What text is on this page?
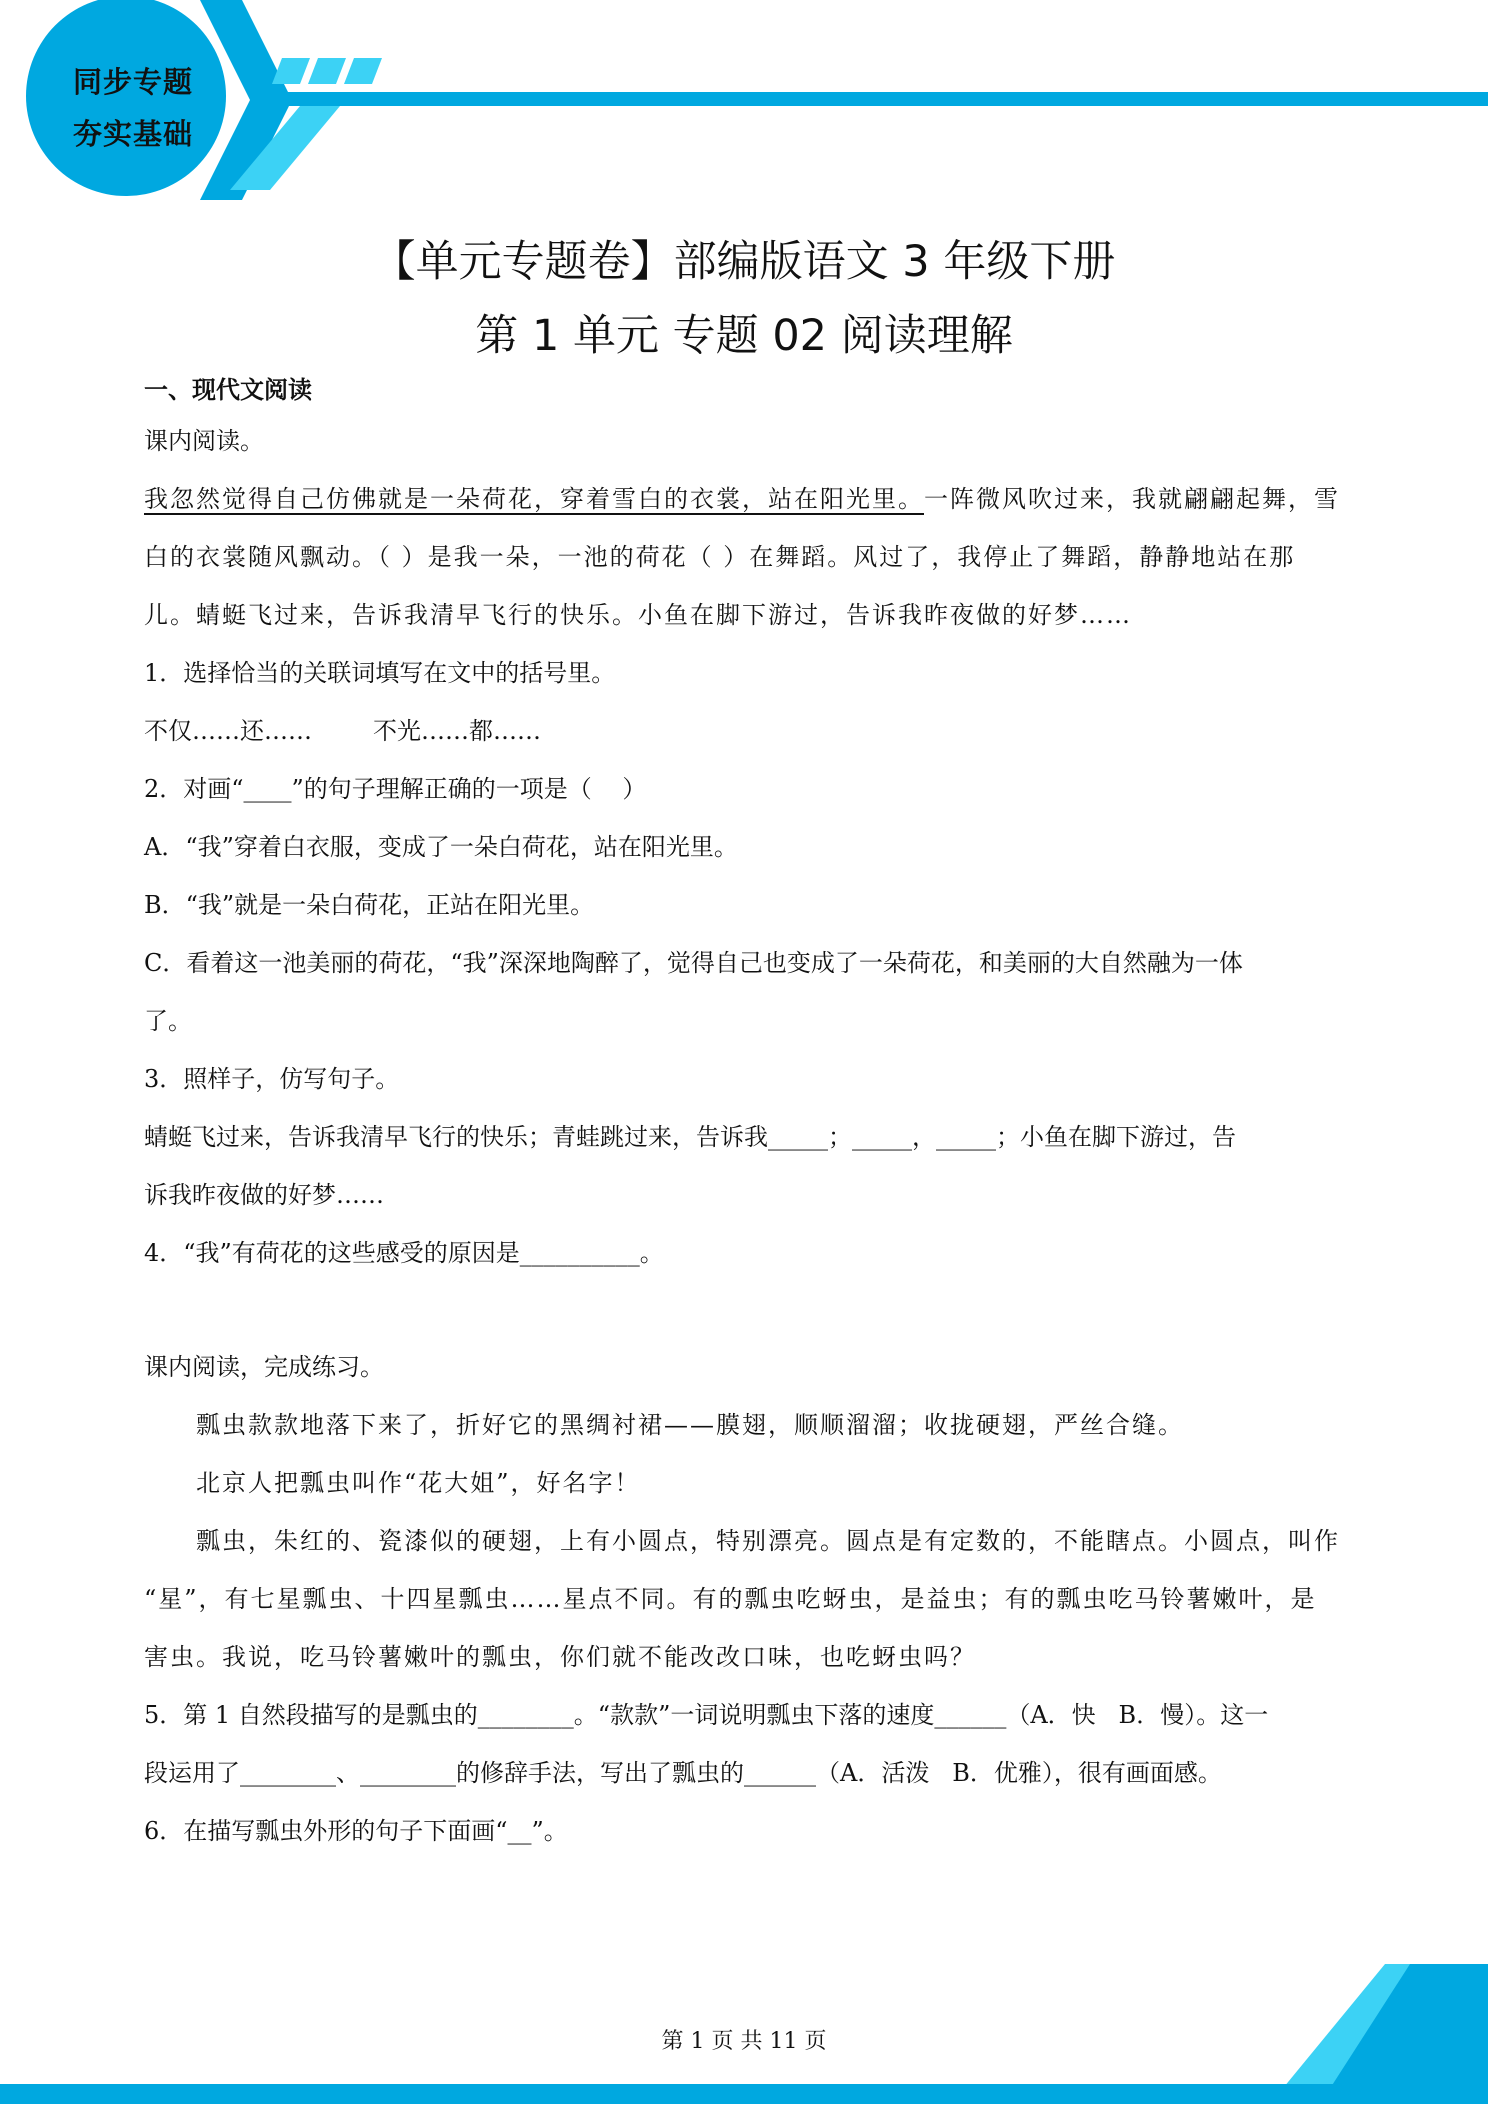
同步专题
夯实基础
【单元专题卷】部编版语文 3 年级下册
第 1 单元 专题 02 阅读理解
一、现代文阅读
课内阅读。
我忽然觉得自己仿佛就是一朵荷花，穿着雪白的衣裳，站在阳光里。一阵微风吹过来，我就翩翩起舞，雪
白的衣裳随风飘动。（ ）是我一朵，一池的荷花（ ）在舞蹈。风过了，我停止了舞蹈，静静地站在那
儿。蜻蜓飞过来，告诉我清早飞行的快乐。小鱼在脚下游过，告诉我昨夜做的好梦……
1．选择恰当的关联词填写在文中的括号里。
不仅……还……        不光……都……
2．对画“____”的句子理解正确的一项是（    ）
A．“我”穿着白衣服，变成了一朵白荷花，站在阳光里。
B．“我”就是一朵白荷花，正站在阳光里。
C．看着这一池美丽的荷花，“我”深深地陶醉了，觉得自己也变成了一朵荷花，和美丽的大自然融为一体
了。
3．照样子，仿写句子。
蜻蜓飞过来，告诉我清早飞行的快乐；青蛙跳过来，告诉我_____；_____，_____；小鱼在脚下游过，告
诉我昨夜做的好梦……
4．“我”有荷花的这些感受的原因是__________。
课内阅读，完成练习。
瓢虫款款地落下来了，折好它的黑绸衬裙——膜翅，顺顺溜溜；收拢硬翅，严丝合缝。
北京人把瓢虫叫作“花大姐”，好名字！
瓢虫，朱红的、瓷漆似的硬翅，上有小圆点，特别漂亮。圆点是有定数的，不能瞎点。小圆点，叫作
“星”，有七星瓢虫、十四星瓢虫……星点不同。有的瓢虫吃蚜虫，是益虫；有的瓢虫吃马铃薯嫩叶，是
害虫。我说，吃马铃薯嫩叶的瓢虫，你们就不能改改口味，也吃蚜虫吗？
5．第 1 自然段描写的是瓢虫的________。“款款”一词说明瓢虫下落的速度______（A．快   B．慢）。这一
段运用了________、________的修辞手法，写出了瓢虫的______（A．活泼   B．优雅），很有画面感。
6．在描写瓢虫外形的句子下面画“__”。
第 1 页 共 11 页
